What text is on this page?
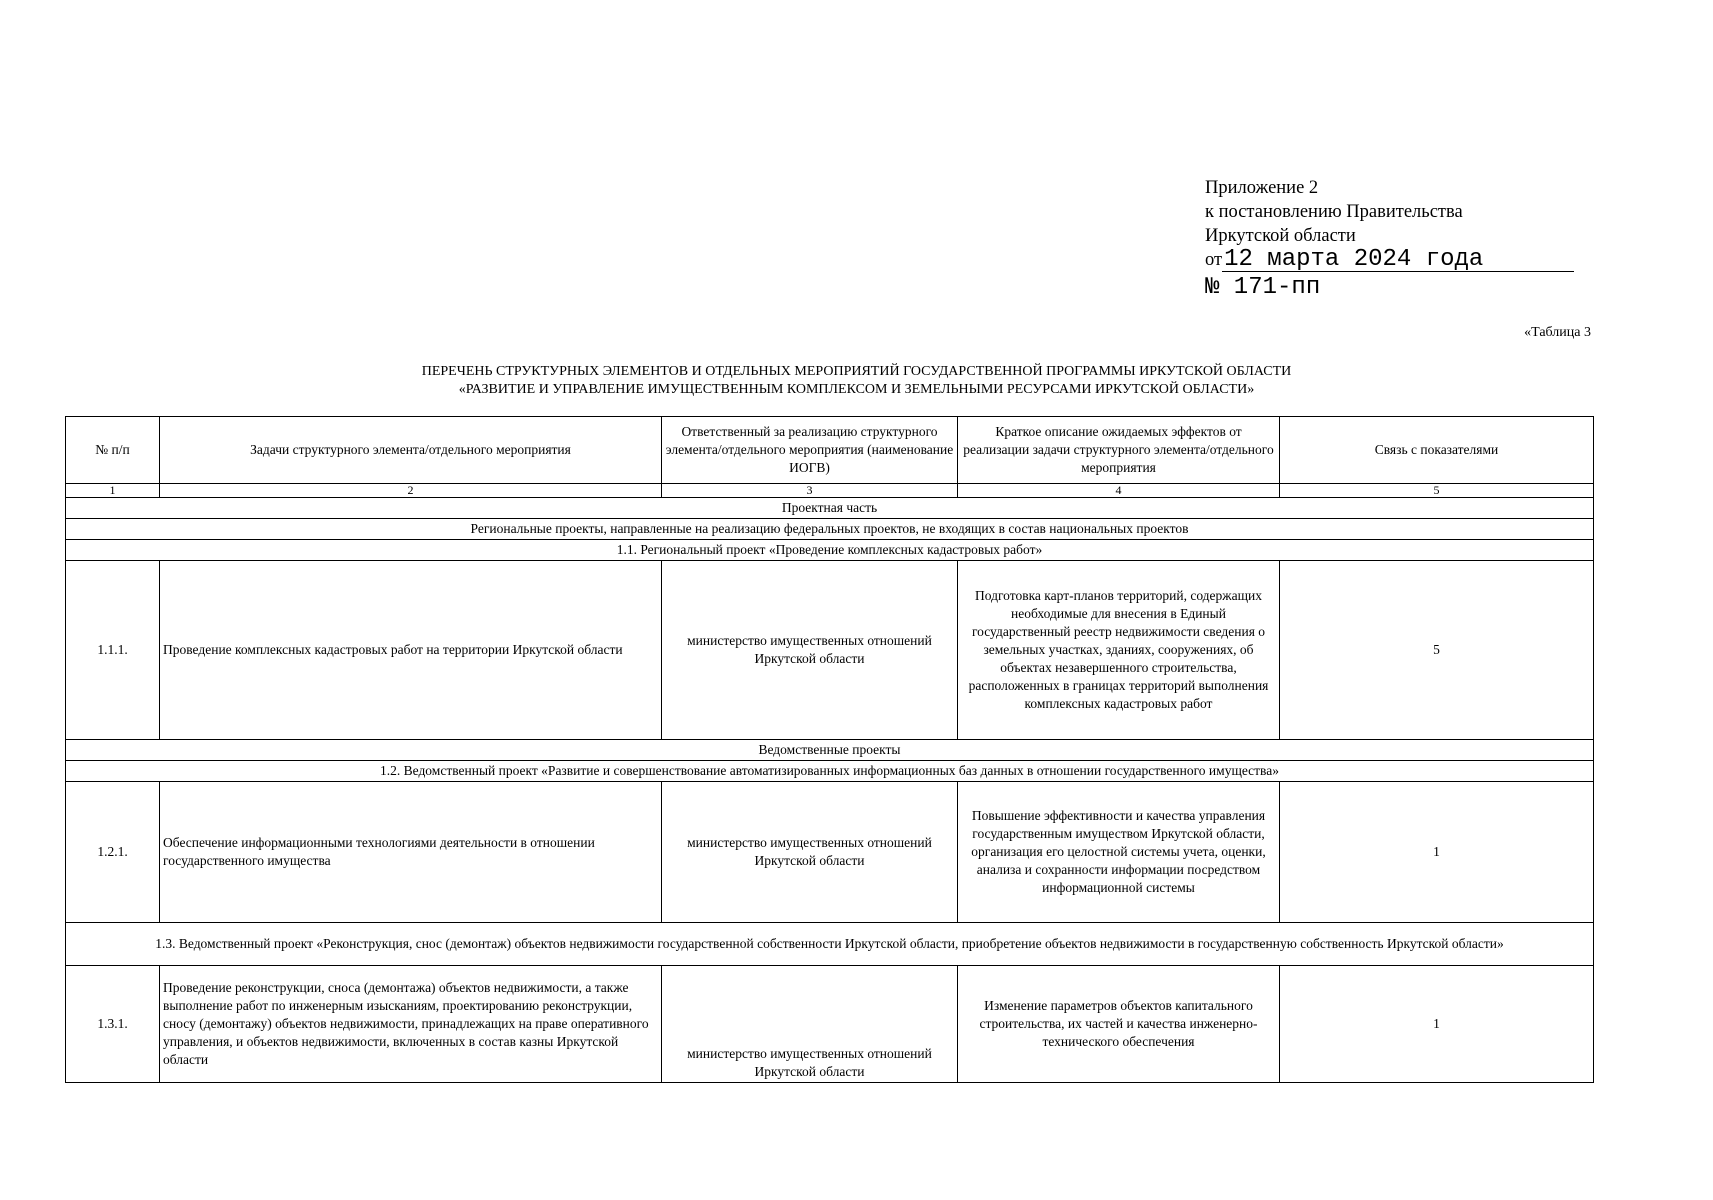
Приложение 2
к постановлению Правительства
Иркутской области
от12 марта 2024 года
№ 171-пп
«Таблица 3
ПЕРЕЧЕНЬ СТРУКТУРНЫХ ЭЛЕМЕНТОВ И ОТДЕЛЬНЫХ МЕРОПРИЯТИЙ ГОСУДАРСТВЕННОЙ ПРОГРАММЫ ИРКУТСКОЙ ОБЛАСТИ
«РАЗВИТИЕ И УПРАВЛЕНИЕ ИМУЩЕСТВЕННЫМ КОМПЛЕКСОМ И ЗЕМЕЛЬНЫМИ РЕСУРСАМИ ИРКУТСКОЙ ОБЛАСТИ»
№ п/п	Задачи структурного элемента/отдельного мероприятия	Ответственный за реализацию структурного элемента/отдельного мероприятия (наименование ИОГВ)	Краткое описание ожидаемых эффектов от реализации задачи структурного элемента/отдельного мероприятия	Связь с показателями
1	2	3	4	5
Проектная часть				
Региональные проекты, направленные на реализацию федеральных проектов, не входящих в состав национальных проектов				
1.1. Региональный проект «Проведение комплексных кадастровых работ»				
1.1.1.	Проведение комплексных кадастровых работ на территории Иркутской области	министерство имущественных отношений Иркутской области	Подготовка карт-планов территорий, содержащих необходимые для внесения в Единый государственный реестр недвижимости сведения о земельных участках, зданиях, сооружениях, об объектах незавершенного строительства, расположенных в границах территорий выполнения комплексных кадастровых работ	5
Ведомственные проекты				
1.2. Ведомственный проект «Развитие и совершенствование автоматизированных информационных баз данных в отношении государственного имущества»				
1.2.1.	Обеспечение информационными технологиями деятельности в отношении государственного имущества	министерство имущественных отношений Иркутской области	Повышение эффективности и качества управления государственным имуществом Иркутской области, организация его целостной системы учета, оценки, анализа и сохранности информации посредством информационной системы	1
1.3. Ведомственный проект «Реконструкция, снос (демонтаж) объектов недвижимости государственной собственности Иркутской области, приобретение объектов недвижимости в государственную собственность Иркутской области»				
1.3.1.	Проведение реконструкции, сноса (демонтажа) объектов недвижимости, а также выполнение работ по инженерным изысканиям, проектированию реконструкции, сносу (демонтажу) объектов недвижимости, принадлежащих на праве оперативного управления, и объектов недвижимости, включенных в состав казны Иркутской области	министерство имущественных отношений Иркутской области	Изменение параметров объектов капитального строительства, их частей и качества инженерно-технического обеспечения	1
